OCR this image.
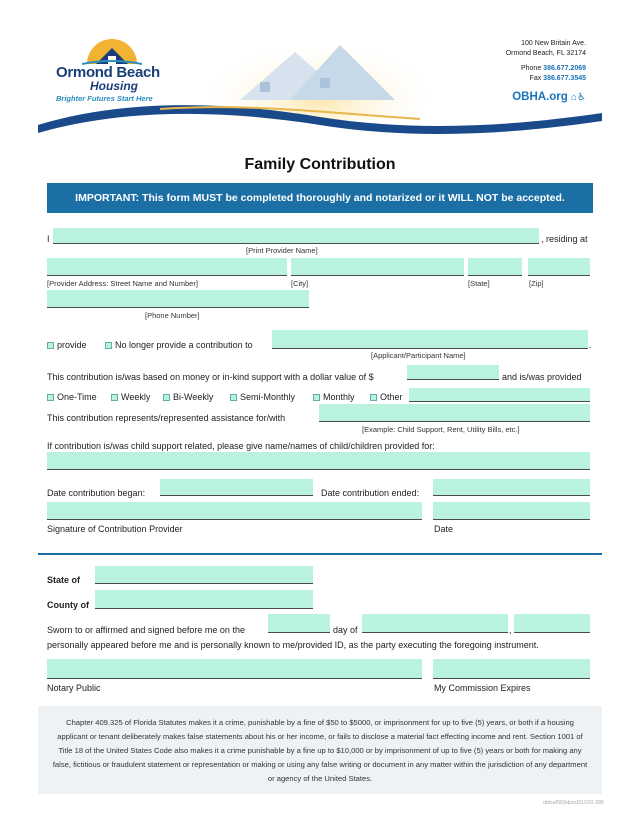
Ormond Beach
Housing
Brighter Futures Start Here
100 New Britain Ave.
Ormond Beach, FL 32174
Phone 386.677.2069
Fax 386.677.3545
OBHA.org ⌂♿
Family Contribution
IMPORTANT: This form MUST be completed thoroughly and notarized or it WILL NOT be accepted.
I	, residing at
[Print Provider Name]
[Provider Address: Street Name and Number]	[City]	[State]	[Zip]
[Phone Number]
provide	No longer provide a contribution to	.
[Applicant/Participant Name]
This contribution is/was based on money or in-kind support with a dollar value of $	and is/was provided
One-Time	Weekly	Bi-Weekly	Semi-Monthly	Monthly	Other
This contribution represents/represented assistance for/with
[Example: Child Support, Rent, Utility Bills, etc.]
If contribution is/was child support related, please give name/names of child/children provided for:
Date contribution began:	Date contribution ended:
Signature of Contribution Provider	Date
State of
County of
Sworn to or affirmed and signed before me on the	day of	,
personally appeared before me and is personally known to me/provided ID, as the party executing the foregoing instrument.
Notary Public	My Commission Expires
Chapter 409.325 of Florida Statutes makes it a crime, punishable by a fine of $50 to $5000, or imprisonment for up to five (5) years, or both if a housing applicant or tenant deliberately makes false statements about his or her income, or fails to disclose a material fact effecting income and rent. Section 1001 of Title 18 of the United States Code also makes it a crime punishable by a fine up to $10,000 or by imprisonment of up to five (5) years or both for making any false, fictitious or fraudulent statement or representation or making or using any false writing or document in any matter within the jurisdiction of any department or agency of the United States.
obhaf003dpxd21020.395
